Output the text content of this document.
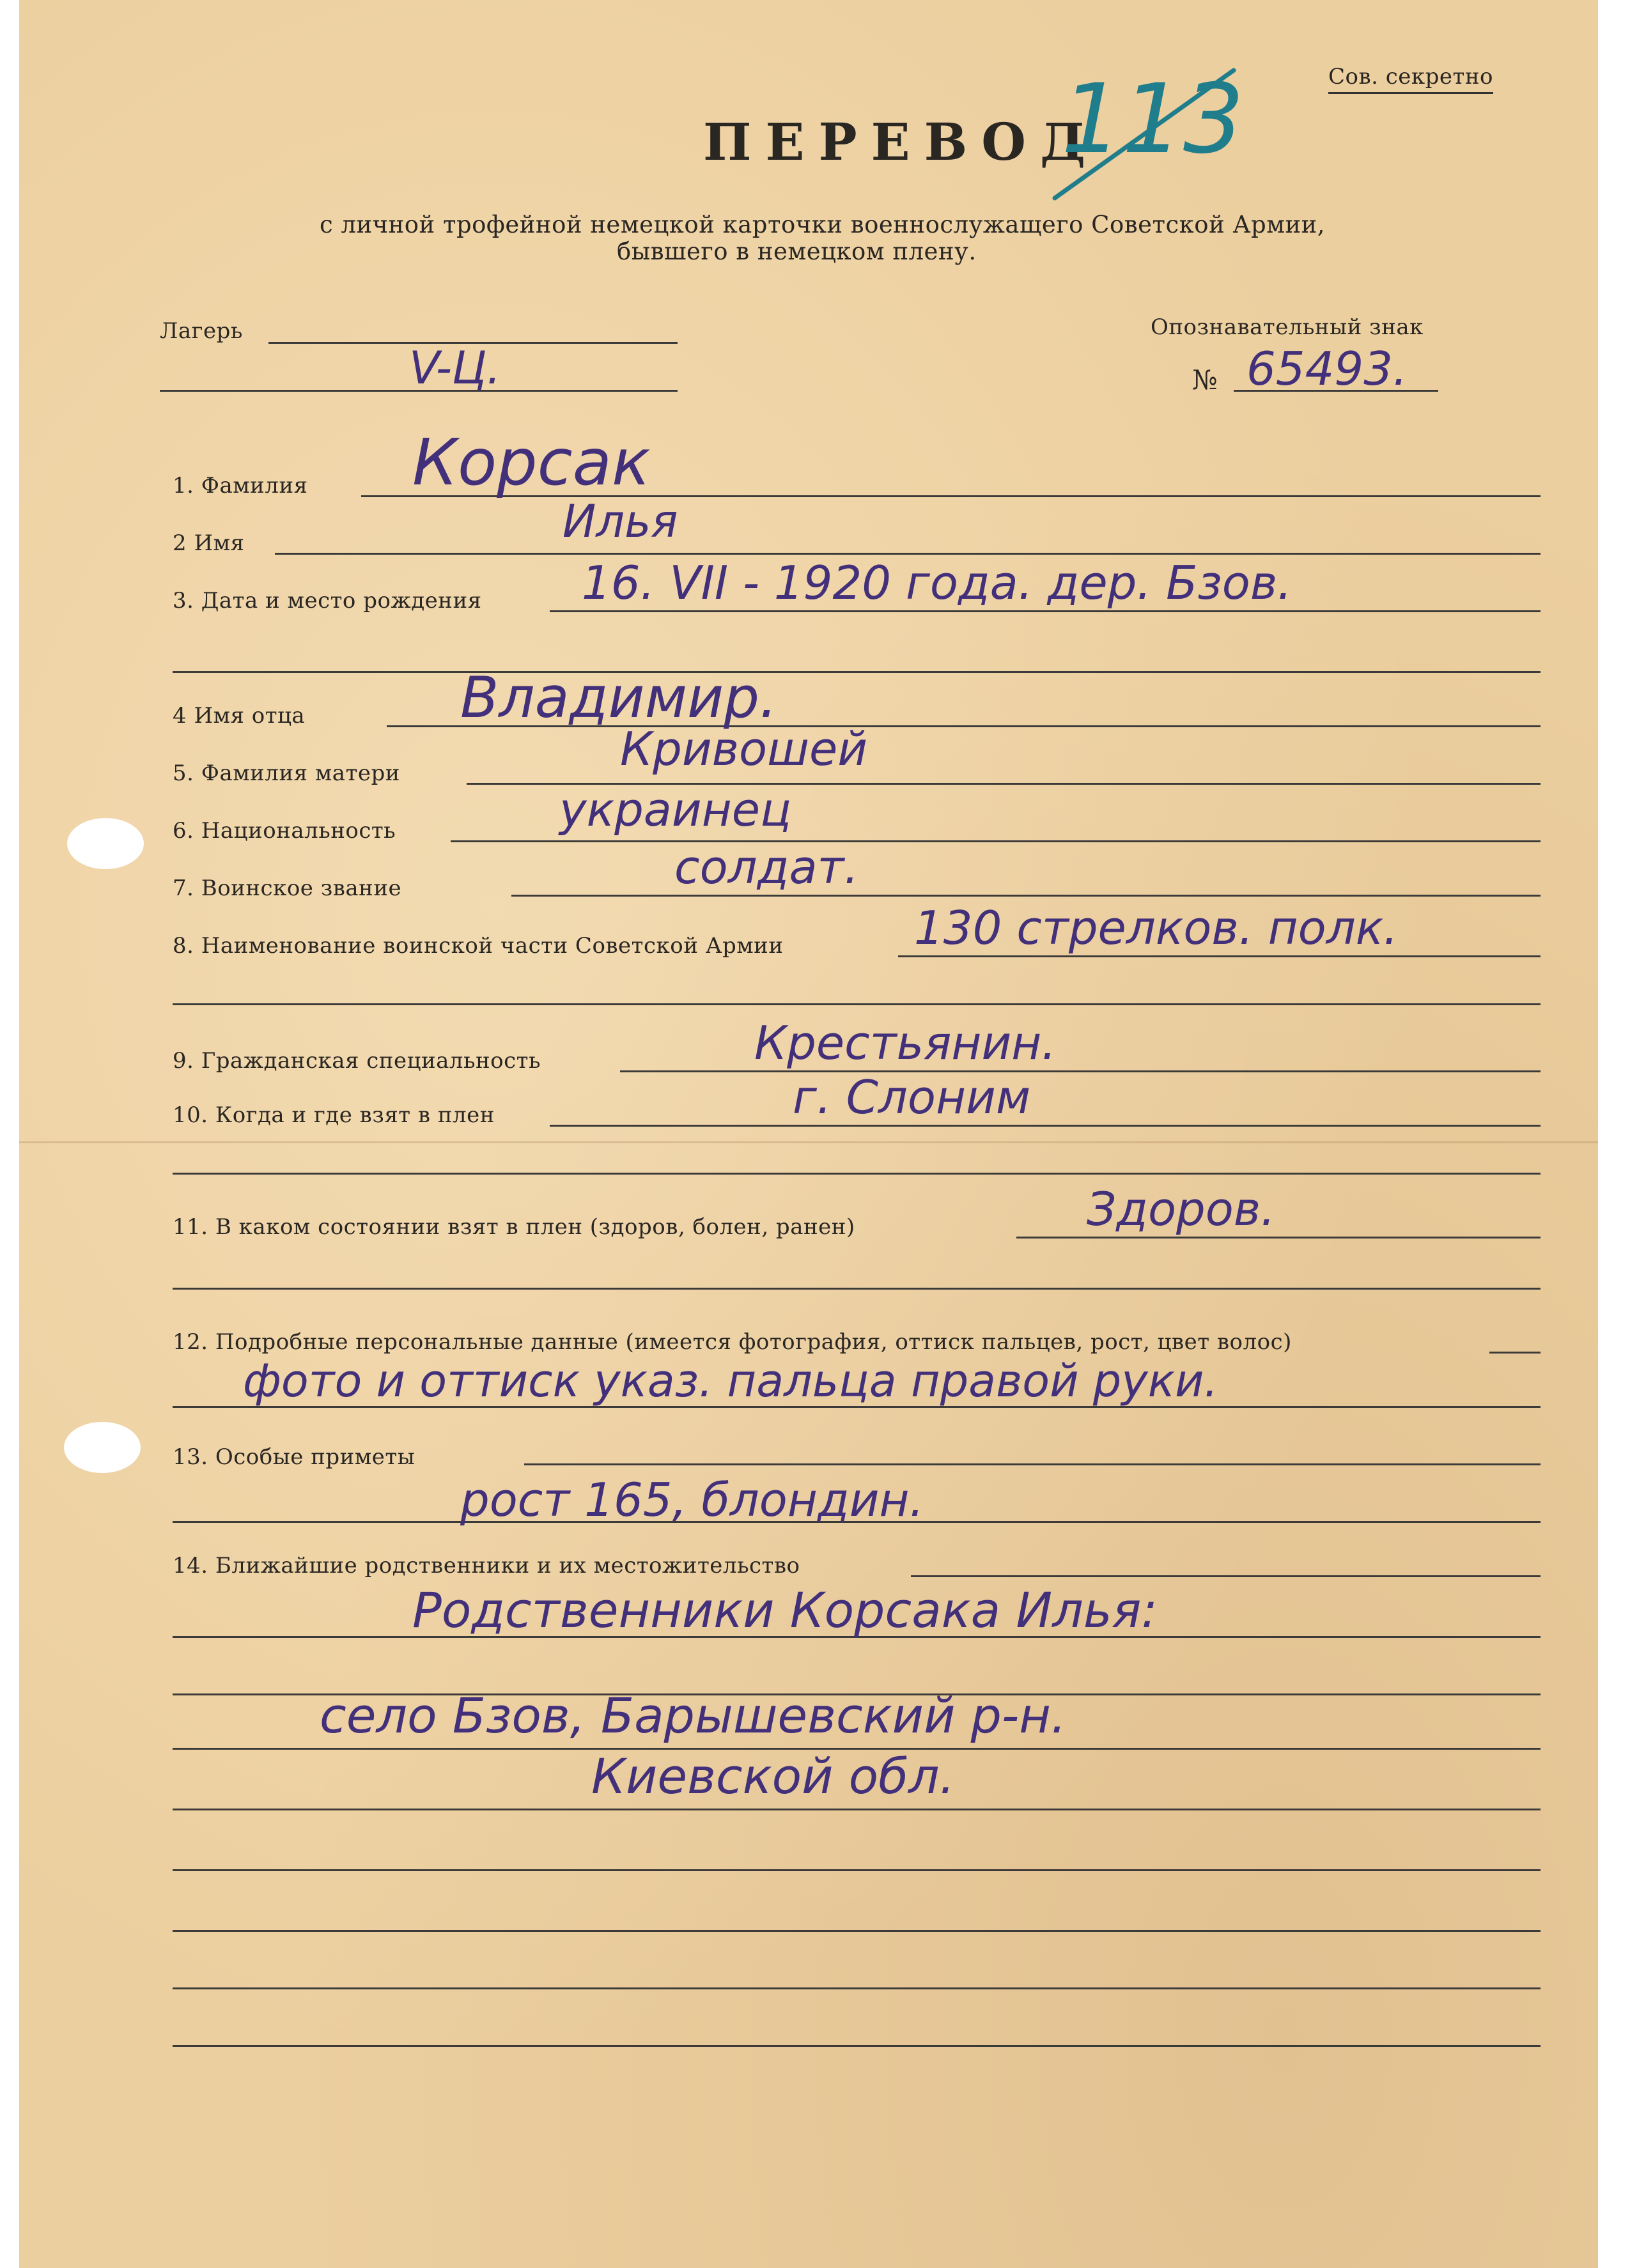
Сов. секретно
ПЕРЕВОД
113
с личной трофейной немецкой карточки военнослужащего Советской Армии,
бывшего в немецком плену.
Лагерь
V-Ц.
Опознавательный знак
№ 65493.
1. Фамилия Корсак
2 Имя	Илья
3. Дата и место рождения 16. VII - 1920 года. дер. Бзов.
4 Имя отца	Владимир.
5. Фамилия матери	Кривошей
6. Национальность	украинец
7. Воинское звание	солдат.
8. Наименование воинской части Советской Армии	130 стрелков. полк.
9. Гражданская специальность	Крестьянин.
10. Когда и где взят в плен	г. Слоним
11. В каком состоянии взят в плен (здоров, болен, ранен)	Здоров.
12. Подробные персональные данные (имеется фотография, оттиск пальцев, рост, цвет волос)
фото и оттиск указ. пальца правой руки.
13. Особые приметы
рост 165, блондин.
14. Ближайшие родственники и их местожительство
Родственники Корсака Илья:
село Бзов, Барышевский р-н.
Киевской обл.
